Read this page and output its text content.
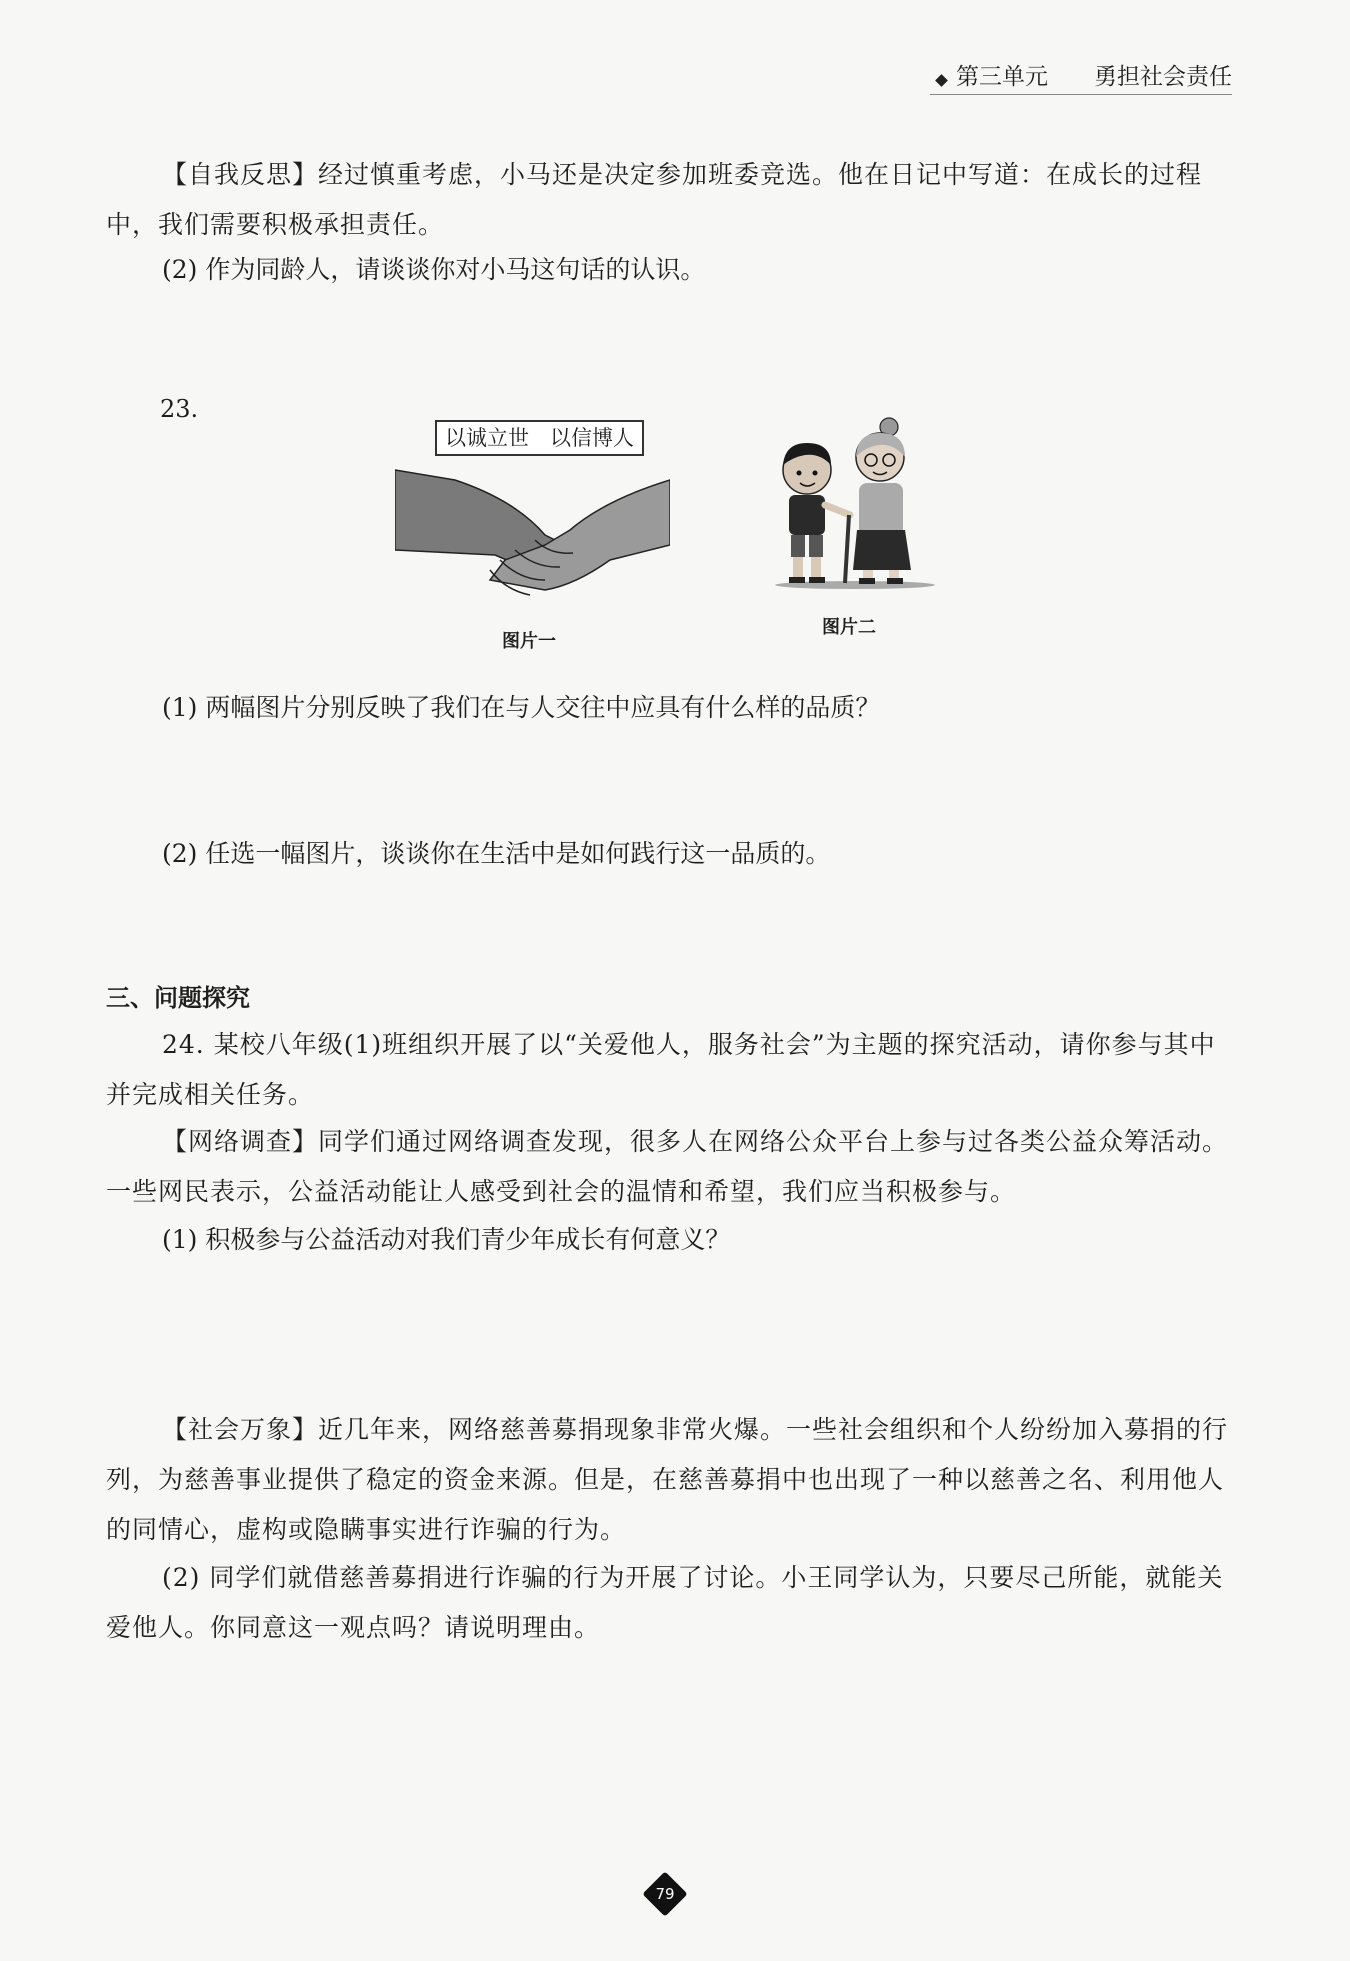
第三单元 勇担社会责任

【自我反思】经过慎重考虑，小马还是决定参加班委竞选。他在日记中写道：在成长的过程中，我们需要积极承担责任。

(2) 作为同龄人，请谈谈你对小马这句话的认识。
23.
以诚立世　以信博人
图片一
图片二
(1) 两幅图片分别反映了我们在与人交往中应具有什么样的品质？
(2) 任选一幅图片，谈谈你在生活中是如何践行这一品质的。
三、问题探究

24. 某校八年级(1)班组织开展了以“关爱他人，服务社会”为主题的探究活动，请你参与其中并完成相关任务。

【网络调查】同学们通过网络调查发现，很多人在网络公众平台上参与过各类公益众筹活动。一些网民表示，公益活动能让人感受到社会的温情和希望，我们应当积极参与。

(1) 积极参与公益活动对我们青少年成长有何意义？

【社会万象】近几年来，网络慈善募捐现象非常火爆。一些社会组织和个人纷纷加入募捐的行列，为慈善事业提供了稳定的资金来源。但是，在慈善募捐中也出现了一种以慈善之名、利用他人的同情心，虚构或隐瞒事实进行诈骗的行为。

(2) 同学们就借慈善募捐进行诈骗的行为开展了讨论。小王同学认为，只要尽己所能，就能关爱他人。你同意这一观点吗？请说明理由。

79
